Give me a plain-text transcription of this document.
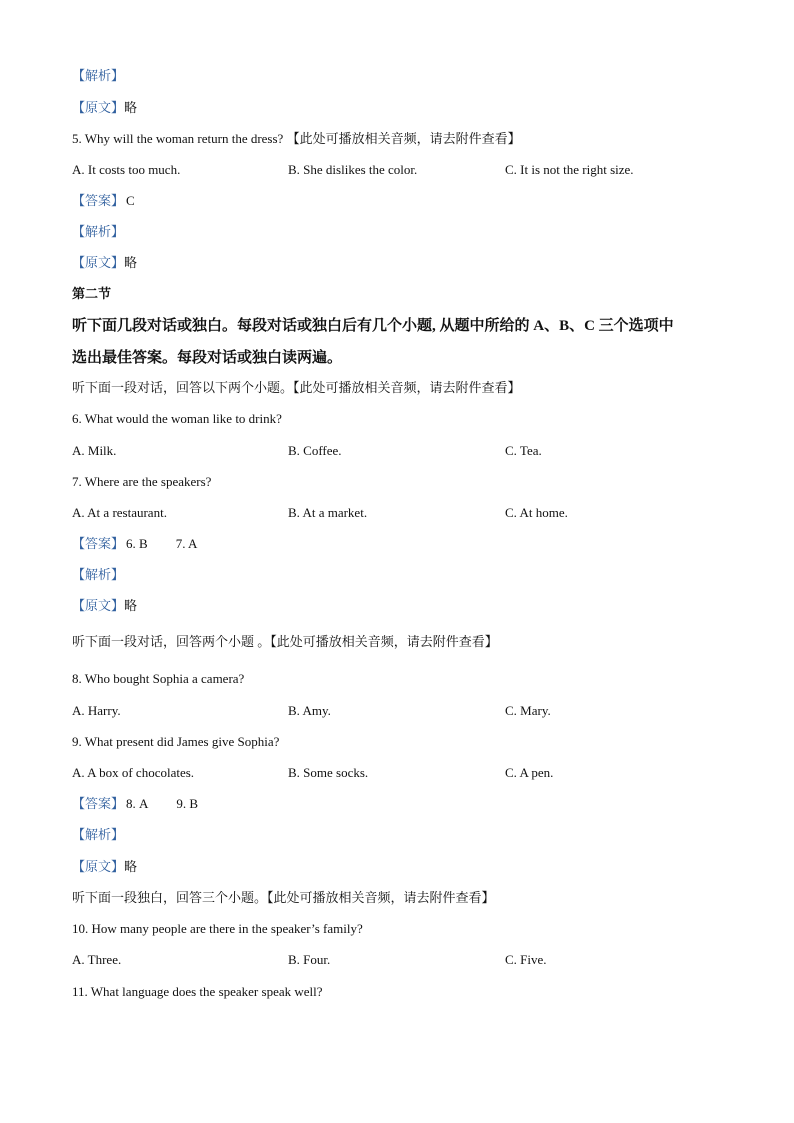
【解析】
【原文】略
5. Why will the woman return the dress? 【此处可播放相关音频，请去附件查看】
A. It costs too much.	B. She dislikes the color.	C. It is not the right size.
【答案】 C
【解析】
【原文】略
第二节
听下面几段对话或独白。每段对话或独白后有几个小题, 从题中所给的 A、B、C 三个选项中
选出最佳答案。每段对话或独白读两遍。
听下面一段对话，回答以下两个小题。【此处可播放相关音频，请去附件查看】
6. What would the woman like to drink?
A. Milk.	B. Coffee.	C. Tea.
7. Where are the speakers?
A. At a restaurant.	B. At a market.	C. At home.
【答案】 6. B 7. A
【解析】
【原文】略
听下面一段对话，回答两个小题 。【此处可播放相关音频，请去附件查看】
8. Who bought Sophia a camera?
A. Harry.	B. Amy.	C. Mary.
9. What present did James give Sophia?
A. A box of chocolates.	B. Some socks.	C. A pen.
【答案】 8. A 9. B
【解析】
【原文】略
听下面一段独白，回答三个小题。【此处可播放相关音频，请去附件查看】
10. How many people are there in the speaker’s family?
A. Three.	B. Four.	C. Five.
11. What language does the speaker speak well?
